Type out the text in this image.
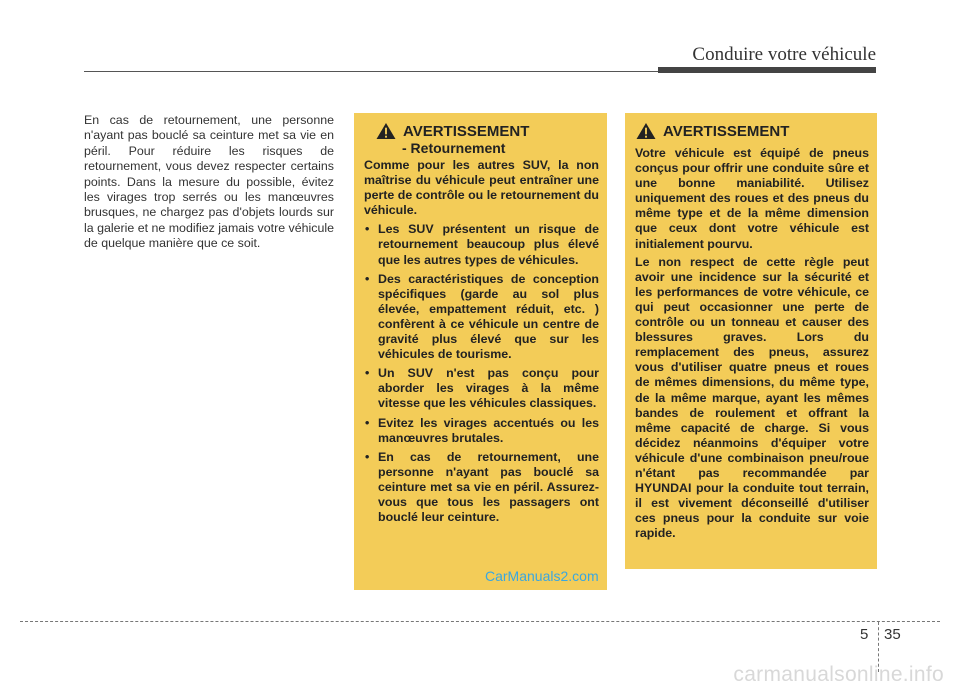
Conduire votre véhicule
En cas de retournement, une personne n'ayant pas bouclé sa ceinture met sa vie en péril. Pour réduire les risques de retournement, vous devez respecter certains points. Dans la mesure du possible, évitez les virages trop serrés ou les manœuvres brusques, ne chargez pas d'objets lourds sur la galerie et ne modifiez jamais votre véhicule de quelque manière que ce soit.
AVERTISSEMENT
- Retournement

Comme pour les autres SUV, la non maîtrise du véhicule peut entraîner une perte de contrôle ou le retournement du véhicule.

• Les SUV présentent un risque de retournement beaucoup plus élevé que les autres types de véhicules.
• Des caractéristiques de conception spécifiques (garde au sol plus élevée, empattement réduit, etc. ) confèrent à ce véhicule un centre de gravité plus élevé que sur les véhicules de tourisme.
• Un SUV n'est pas conçu pour aborder les virages à la même vitesse que les véhicules classiques.
• Evitez les virages accentués ou les manœuvres brutales.
• En cas de retournement, une personne n'ayant pas bouclé sa ceinture met sa vie en péril. Assurez-vous que tous les passagers ont bouclé leur ceinture.
CarManuals2.com
AVERTISSEMENT

Votre véhicule est équipé de pneus conçus pour offrir une conduite sûre et une bonne maniabilité. Utilisez uniquement des roues et des pneus du même type et de la même dimension que ceux dont votre véhicule est initialement pourvu.

Le non respect de cette règle peut avoir une incidence sur la sécurité et les performances de votre véhicule, ce qui peut occasionner une perte de contrôle ou un tonneau et causer des blessures graves. Lors du remplacement des pneus, assurez vous d'utiliser quatre pneus et roues de mêmes dimensions, du même type, de la même marque, ayant les mêmes bandes de roulement et offrant la même capacité de charge. Si vous décidez néanmoins d'équiper votre véhicule d'une combinaison pneu/roue n'étant pas recommandée par HYUNDAI pour la conduite tout terrain, il est vivement déconseillé d'utiliser ces pneus pour la conduite sur voie rapide.

5 35
carmanualsonline.info
